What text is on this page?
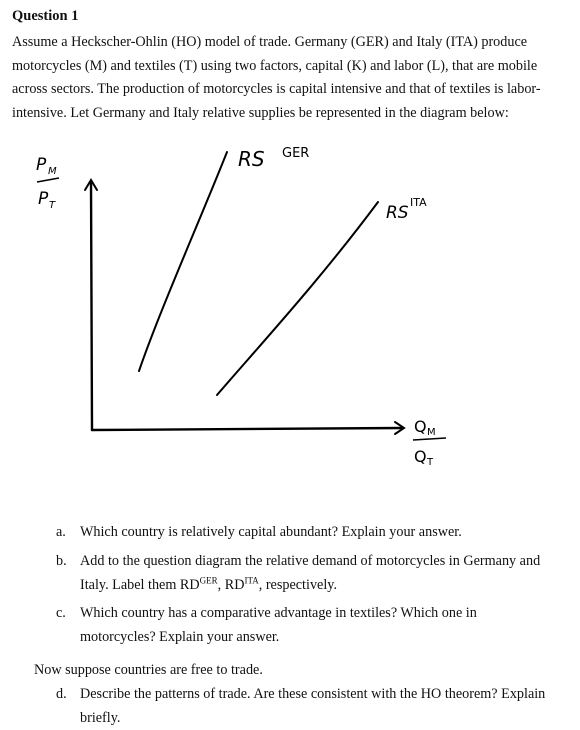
Question 1
Assume a Heckscher-Ohlin (HO) model of trade. Germany (GER) and Italy (ITA) produce
motorcycles (M) and textiles (T) using two factors, capital (K) and labor (L), that are mobile
across sectors. The production of motorcycles is capital intensive and that of textiles is labor-
intensive. Let Germany and Italy relative supplies be represented in the diagram below:
P M
P T
Q M
Q T
RS GER
RS
ITA
a. Which country is relatively capital abundant? Explain your answer.
b. Add to the question diagram the relative demand of motorcycles in Germany and
Italy. Label them $RD^{GER}$, $RD^{ITA}$, respectively.
c. Which country has a comparative advantage in textiles? Which one in
motorcycles? Explain your answer.
Now suppose countries are free to trade.
d. Describe the patterns of trade. Are these consistent with the HO theorem? Explain
briefly.
